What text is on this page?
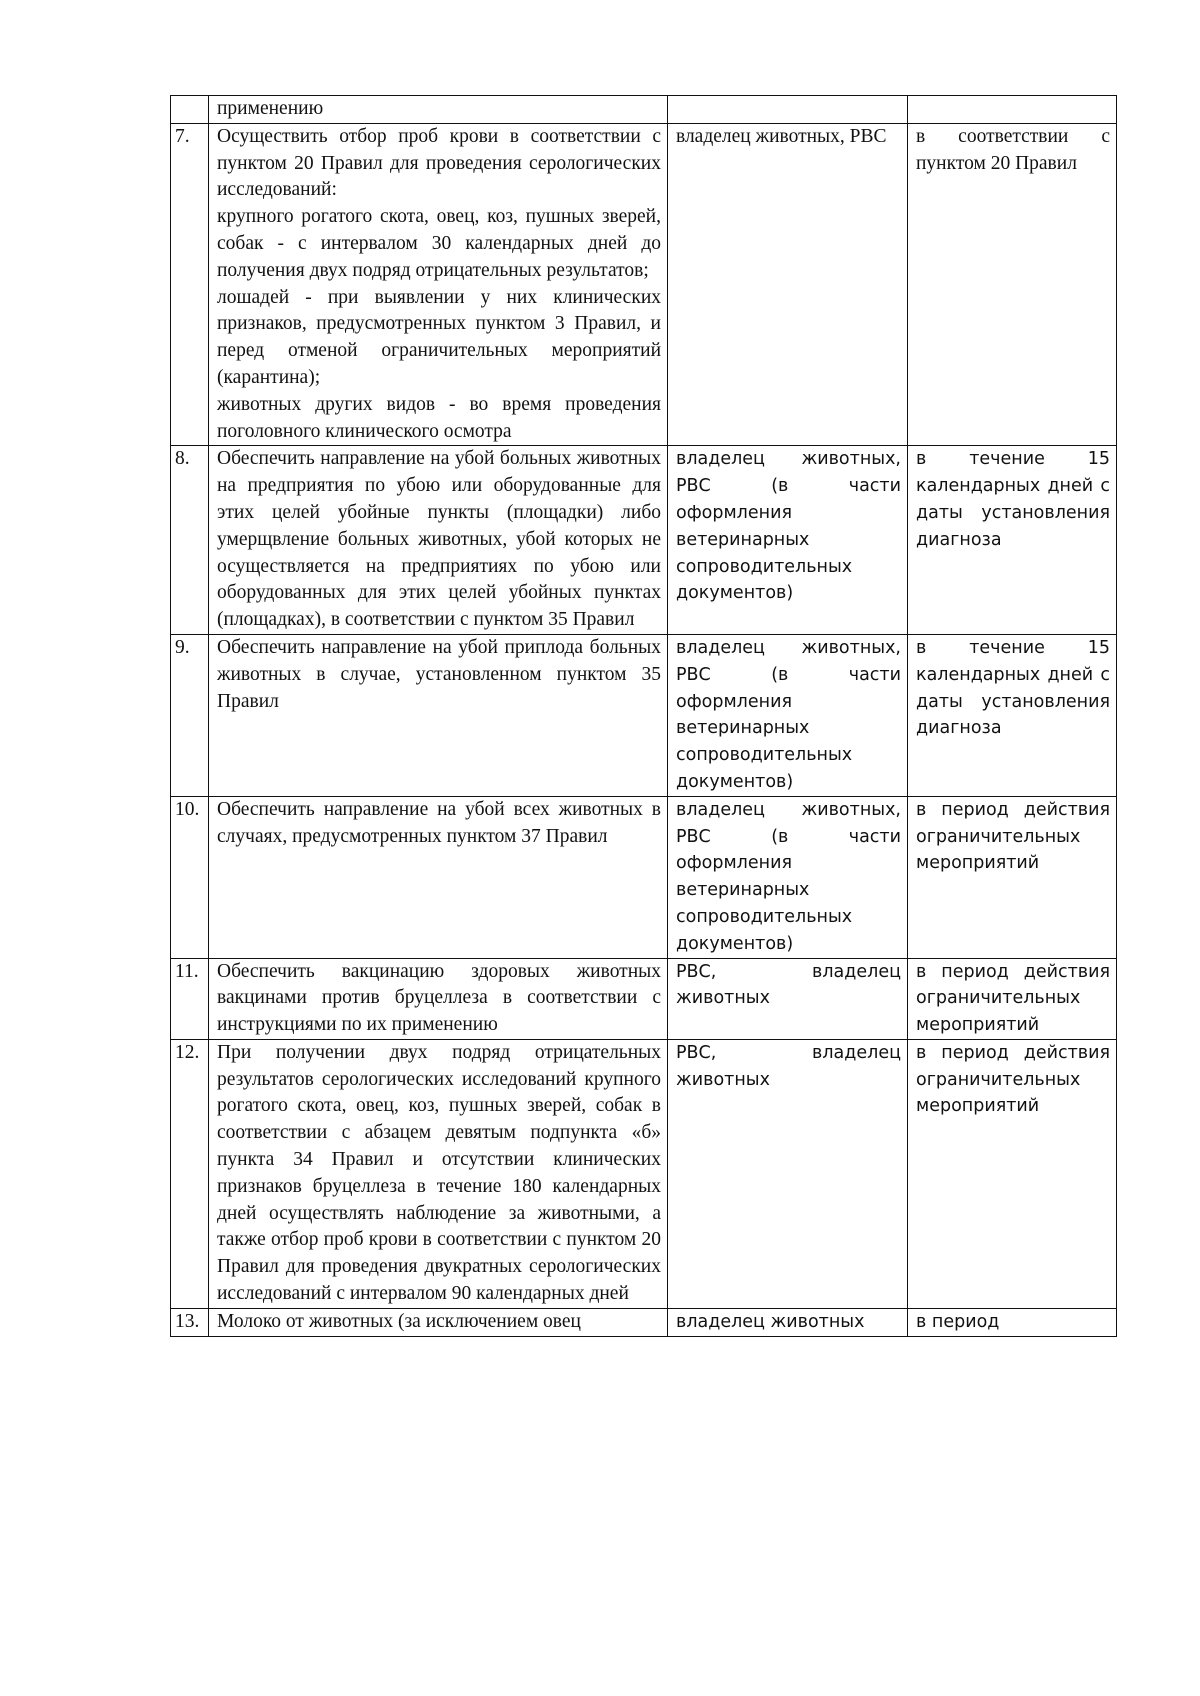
	применению		
7.	Осуществить отбор проб крови в соответствии с пунктом 20 Правил для проведения серологических исследований:
крупного рогатого скота, овец, коз, пушных зверей, собак - с интервалом 30 календарных дней до получения двух подряд отрицательных результатов;
лошадей - при выявлении у них клинических признаков, предусмотренных пунктом 3 Правил, и перед отменой ограничительных мероприятий (карантина);
животных других видов - во время проведения поголовного клинического осмотра	владелец животных, РВС	в соответствии с пунктом 20 Правил
8.	Обеспечить направление на убой больных животных на предприятия по убою или оборудованные для этих целей убойные пункты (площадки) либо умерщвление больных животных, убой которых не осуществляется на предприятиях по убою или оборудованных для этих целей убойных пунктах (площадках), в соответствии с пунктом 35 Правил	владелец животных, РВС (в части оформления ветеринарных сопроводительных документов)	в течение 15 календарных дней с даты установления диагноза
9.	Обеспечить направление на убой приплода больных животных в случае, установленном пунктом 35 Правил	владелец животных, РВС (в части оформления ветеринарных сопроводительных документов)	в течение 15 календарных дней с даты установления диагноза
10.	Обеспечить направление на убой всех животных в случаях, предусмотренных пунктом 37 Правил	владелец животных, РВС (в части оформления ветеринарных сопроводительных документов)	в период действия ограничительных мероприятий
11.	Обеспечить вакцинацию здоровых животных вакцинами против бруцеллеза в соответствии с инструкциями по их применению	РВС, владелец животных	в период действия ограничительных мероприятий
12.	При получении двух подряд отрицательных результатов серологических исследований крупного рогатого скота, овец, коз, пушных зверей, собак в соответствии с абзацем девятым подпункта «б» пункта 34 Правил и отсутствии клинических признаков бруцеллеза в течение 180 календарных дней осуществлять наблюдение за животными, а также отбор проб крови в соответствии с пунктом 20 Правил для проведения двукратных серологических исследований с интервалом 90 календарных дней	РВС, владелец животных	в период действия ограничительных мероприятий
13.	Молоко от животных (за исключением овец	владелец животных	в период
